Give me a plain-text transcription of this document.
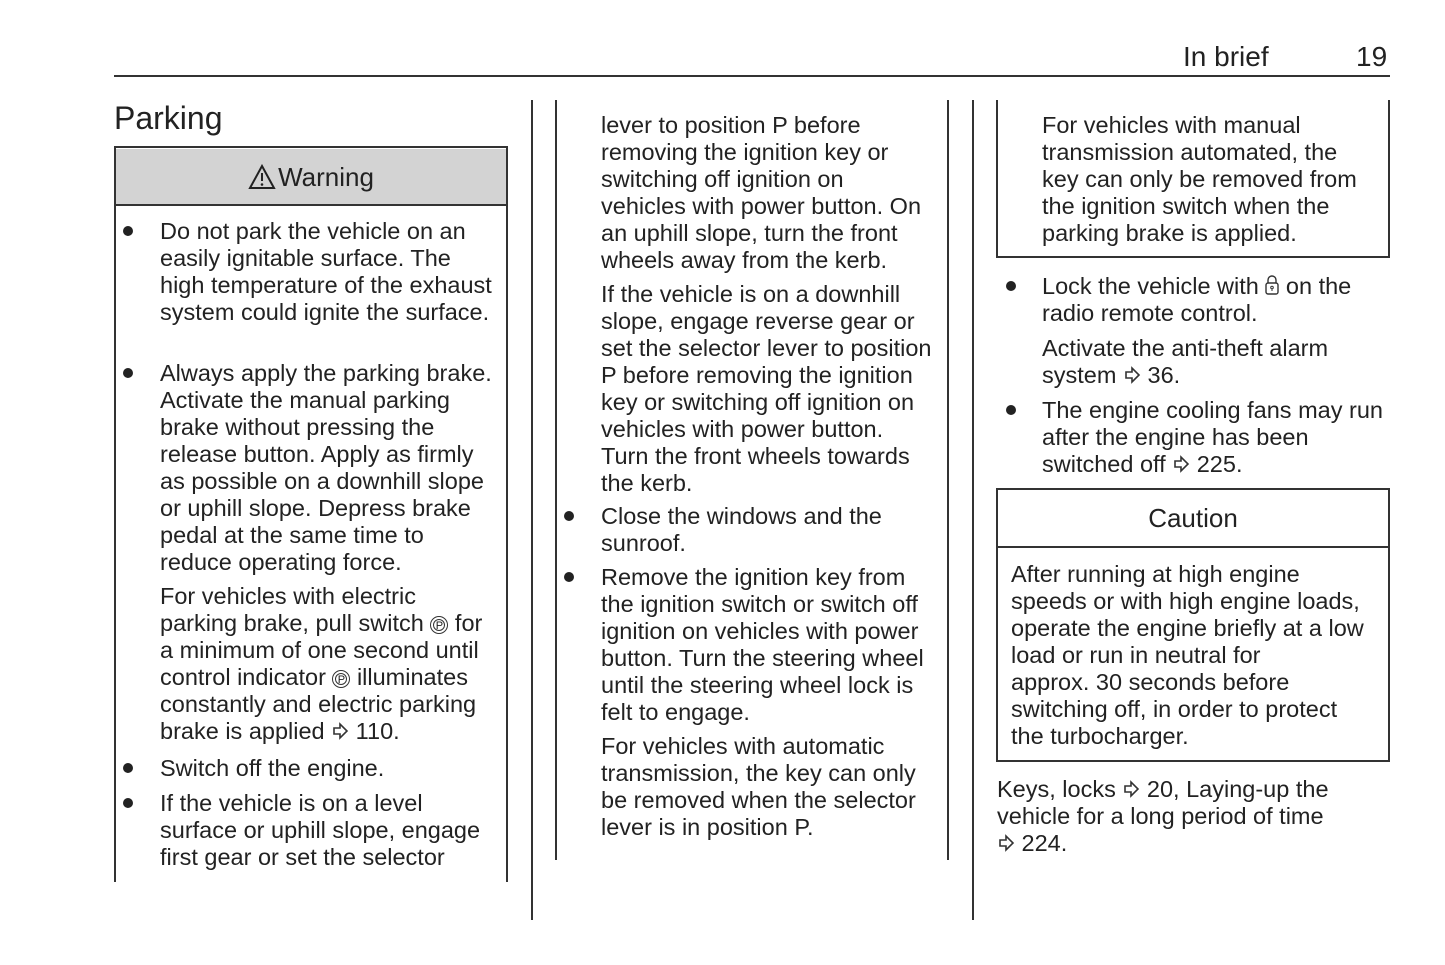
In brief	19
Parking
Warning

Do not park the vehicle on an easily ignitable surface. The high temperature of the exhaust system could ignite the surface.

Always apply the parking brake. Activate the manual parking brake without pressing the release button. Apply as firmly as possible on a downhill slope or uphill slope. Depress brake pedal at the same time to reduce operating force.

For vehicles with electric
parking brake, pull switch P for
a minimum of one second until
control indicator P illuminates
constantly and electric parking
brake is applied 110.
Switch off the engine.
If the vehicle is on a level
surface or uphill slope, engage
first gear or set the selector
lever to position P before
removing the ignition key or
switching off ignition on
vehicles with power button. On
an uphill slope, turn the front
wheels away from the kerb.
If the vehicle is on a downhill
slope, engage reverse gear or
set the selector lever to position
P before removing the ignition
key or switching off ignition on
vehicles with power button.
Turn the front wheels towards
the kerb.
Close the windows and the
sunroof.
Remove the ignition key from
the ignition switch or switch off
ignition on vehicles with power
button. Turn the steering wheel
until the steering wheel lock is
felt to engage.
For vehicles with automatic
transmission, the key can only
be removed when the selector
lever is in position P.
For vehicles with manual
transmission automated, the
key can only be removed from
the ignition switch when the
parking brake is applied.
Lock the vehicle with on the
radio remote control.
Activate the anti-theft alarm
system 36.
The engine cooling fans may run
after the engine has been
switched off 225.
Caution
After running at high engine
speeds or with high engine loads,
operate the engine briefly at a low
load or run in neutral for
approx. 30 seconds before
switching off, in order to protect
the turbocharger.
Keys, locks 20, Laying-up the
vehicle for a long period of time
224.
